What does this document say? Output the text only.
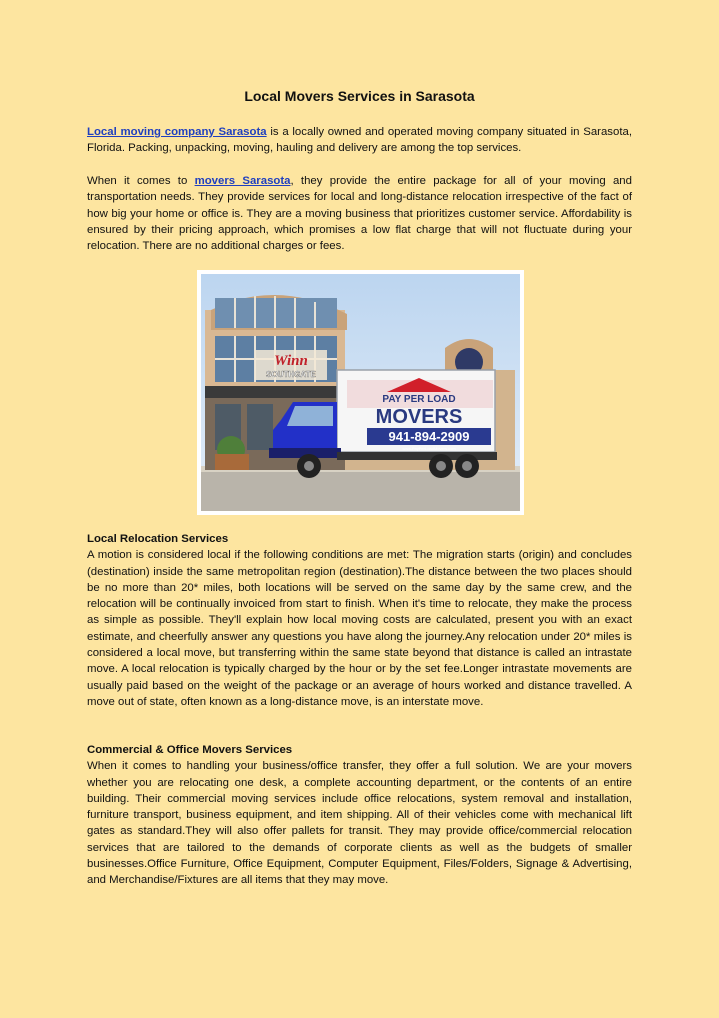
Local Movers Services in Sarasota
Local moving company Sarasota is a locally owned and operated moving company situated in Sarasota, Florida. Packing, unpacking, moving, hauling and delivery are among the top services.
When it comes to movers Sarasota, they provide the entire package for all of your moving and transportation needs. They provide services for local and long-distance relocation irrespective of the fact of how big your home or office is. They are a moving business that prioritizes customer service. Affordability is ensured by their pricing approach, which promises a low flat charge that will not fluctuate during your relocation. There are no additional charges or fees.
Winn
SOUTHGATE
PAY PER LOAD
MOVERS
941-894-2909
www.PayPerLoadMovers.com
Local Relocation Services
A motion is considered local if the following conditions are met: The migration starts (origin) and concludes (destination) inside the same metropolitan region (destination).The distance between the two places should be no more than 20* miles, both locations will be served on the same day by the same crew, and the relocation will be continually invoiced from start to finish. When it's time to relocate, they make the process as simple as possible. They'll explain how local moving costs are calculated, present you with an exact estimate, and cheerfully answer any questions you have along the journey.Any relocation under 20* miles is considered a local move, but transferring within the same state beyond that distance is called an intrastate move. A local relocation is typically charged by the hour or by the set fee.Longer intrastate movements are usually paid based on the weight of the package or an average of hours worked and distance travelled. A move out of state, often known as a long-distance move, is an interstate move.
Commercial & Office Movers Services
When it comes to handling your business/office transfer, they offer a full solution. We are your movers whether you are relocating one desk, a complete accounting department, or the contents of an entire building. Their commercial moving services include office relocations, system removal and installation, furniture transport, business equipment, and item shipping. All of their vehicles come with mechanical lift gates as standard.They will also offer pallets for transit. They may provide office/commercial relocation services that are tailored to the demands of corporate clients as well as the budgets of smaller businesses.Office Furniture, Office Equipment, Computer Equipment, Files/Folders, Signage & Advertising, and Merchandise/Fixtures are all items that they may move.
